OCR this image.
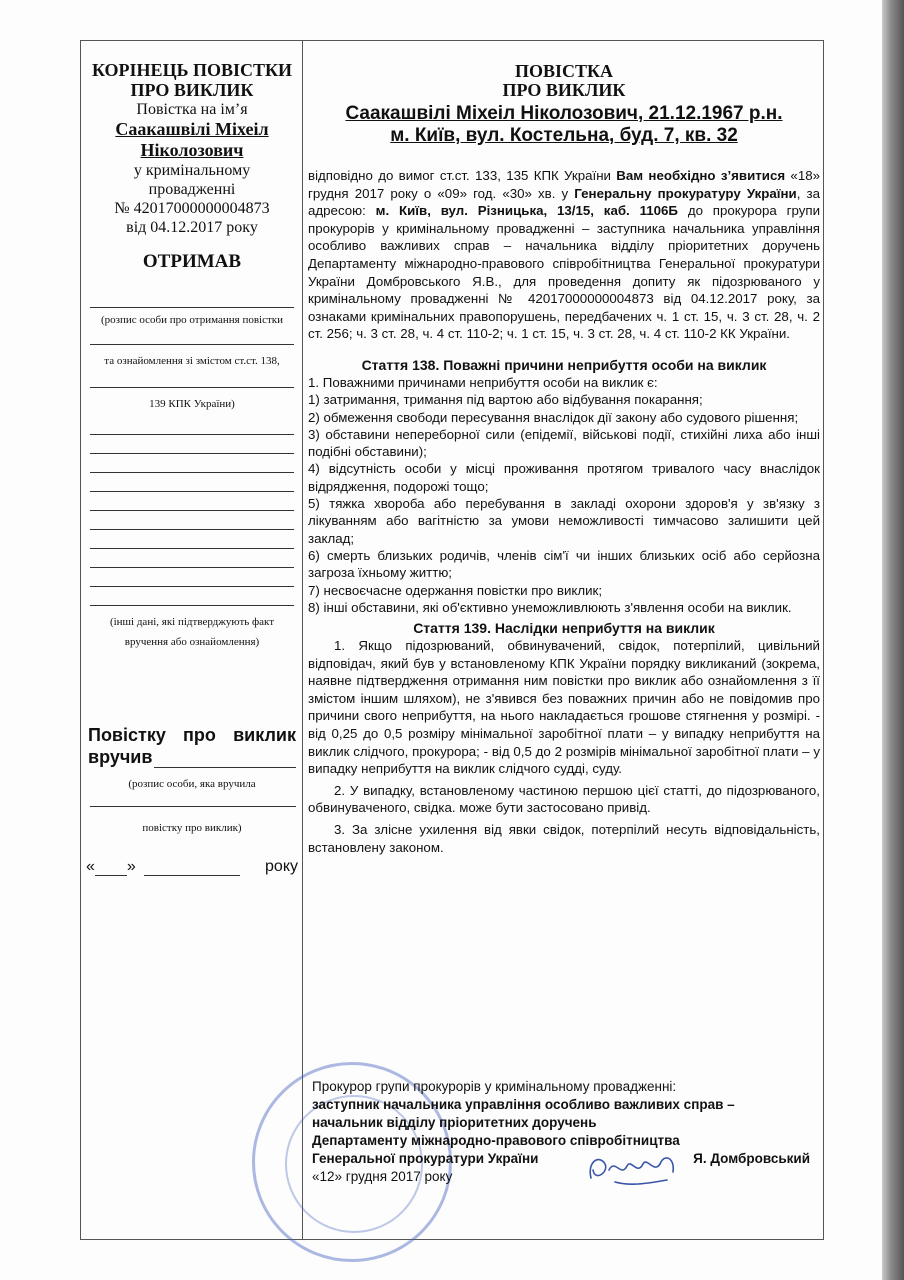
КОРІНЕЦЬ ПОВІСТКИ
ПРО ВИКЛИК
Повістка на ім’я
Саакашвілі Міхеіл
Ніколозович
у кримінальному
провадженні
№ 42017000000004873
від 04.12.2017 року
ОТРИМАВ
(розпис особи про отримання повістки
та ознайомлення зі змістом ст.ст. 138,
139 КПК України)
(інші дані, які підтверджують факт
вручення або ознайомлення)
Повістку про виклик
вручив
(розпис особи, яка вручила
повістку про виклик)
« »	року
ПОВІСТКА
ПРО ВИКЛИК
Саакашвілі Міхеіл Ніколозович, 21.12.1967 р.н.
м. Київ, вул. Костельна, буд. 7, кв. 32
відповідно до вимог ст.ст. 133, 135 КПК України Вам необхідно з’явитися «18» грудня 2017 року о «09» год. «30» хв. у Генеральну прокуратуру України, за адресою: м. Київ, вул. Різницька, 13/15, каб. 1106Б до прокурора групи прокурорів у кримінальному провадженні – заступника начальника управління особливо важливих справ – начальника відділу пріоритетних доручень Департаменту міжнародно-правового співробітництва Генеральної прокуратури України Домбровського Я.В., для проведення допиту як підозрюваного у кримінальному провадженні № 42017000000004873 від 04.12.2017 року, за ознаками кримінальних правопорушень, передбачених ч. 1 ст. 15, ч. 3 ст. 28, ч. 2 ст. 256; ч. 3 ст. 28, ч. 4 ст. 110-2; ч. 1 ст. 15, ч. 3 ст. 28, ч. 4 ст. 110-2 КК України.
Стаття 138. Поважні причини неприбуття особи на виклик
1. Поважними причинами неприбуття особи на виклик є:
1) затримання, тримання під вартою або відбування покарання;
2) обмеження свободи пересування внаслідок дії закону або судового рішення;
3) обставини непереборної сили (епідемії, військові події, стихійні лиха або інші подібні обставини);
4) відсутність особи у місці проживання протягом тривалого часу внаслідок відрядження, подорожі тощо;
5) тяжка хвороба або перебування в закладі охорони здоров'я у зв'язку з лікуванням або вагітністю за умови неможливості тимчасово залишити цей заклад;
6) смерть близьких родичів, членів сім'ї чи інших близьких осіб або серйозна загроза їхньому життю;
7) несвоєчасне одержання повістки про виклик;
8) інші обставини, які об'єктивно унеможливлюють з'явлення особи на виклик.
Стаття 139. Наслідки неприбуття на виклик
1. Якщо підозрюваний, обвинувачений, свідок, потерпілий, цивільний відповідач, який був у встановленому КПК України порядку викликаний (зокрема, наявне підтвердження отримання ним повістки про виклик або ознайомлення з її змістом іншим шляхом), не з'явився без поважних причин або не повідомив про причини свого неприбуття, на нього накладається грошове стягнення у розмірі. - від 0,25 до 0,5 розміру мінімальної заробітної плати – у випадку неприбуття на виклик слідчого, прокурора; - від 0,5 до 2 розмірів мінімальної заробітної плати – у випадку неприбуття на виклик слідчого судді, суду.
2. У випадку, встановленому частиною першою цієї статті, до підозрюваного, обвинуваченого, свідка. може бути застосовано привід.
3. За злісне ухилення від явки свідок, потерпілий несуть відповідальність, встановлену законом.
Прокурор групи прокурорів у кримінальному провадженні:
заступник начальника управління особливо важливих справ –
начальник відділу пріоритетних доручень
Департаменту міжнародно-правового співробітництва
Генеральної прокуратури України	Я. Домбровський
«12» грудня 2017 року
